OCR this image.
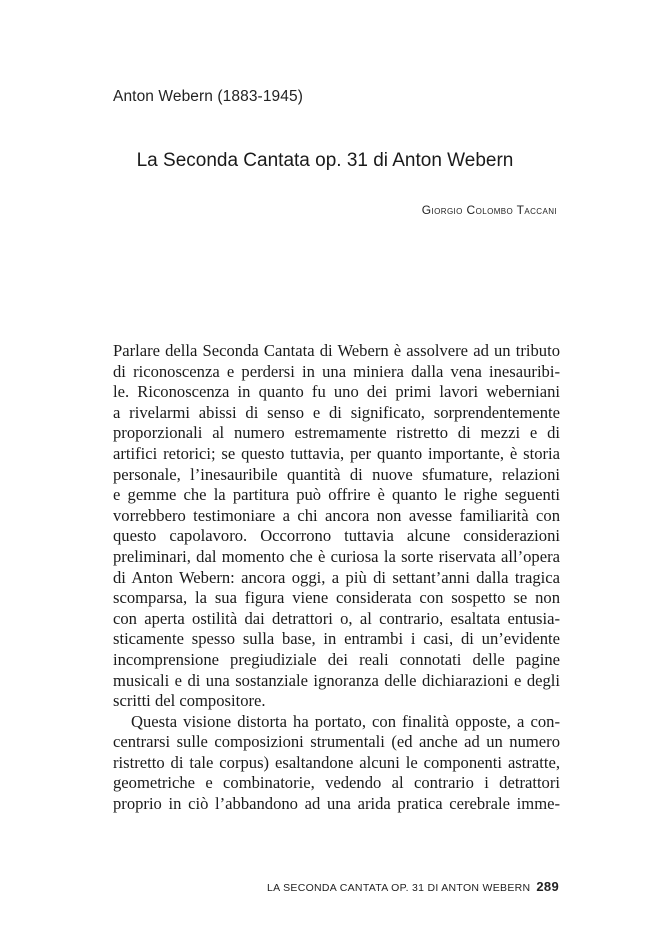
Anton Webern (1883-1945)
La Seconda Cantata op. 31 di Anton Webern
Giorgio Colombo Taccani
Parlare della Seconda Cantata di Webern è assolvere ad un tributo
di riconoscenza e perdersi in una miniera dalla vena inesauribi-
le. Riconoscenza in quanto fu uno dei primi lavori weberniani
a rivelarmi abissi di senso e di significato, sorprendentemente
proporzionali al numero estremamente ristretto di mezzi e di
artifici retorici; se questo tuttavia, per quanto importante, è storia
personale, l’inesauribile quantità di nuove sfumature, relazioni
e gemme che la partitura può offrire è quanto le righe seguenti
vorrebbero testimoniare a chi ancora non avesse familiarità con
questo capolavoro. Occorrono tuttavia alcune considerazioni
preliminari, dal momento che è curiosa la sorte riservata all’opera
di Anton Webern: ancora oggi, a più di settant’anni dalla tragica
scomparsa, la sua figura viene considerata con sospetto se non
con aperta ostilità dai detrattori o, al contrario, esaltata entusia-
sticamente spesso sulla base, in entrambi i casi, di un’evidente
incomprensione pregiudiziale dei reali connotati delle pagine
musicali e di una sostanziale ignoranza delle dichiarazioni e degli
scritti del compositore.
Questa visione distorta ha portato, con finalità opposte, a con-
centrarsi sulle composizioni strumentali (ed anche ad un numero
ristretto di tale corpus) esaltandone alcuni le componenti astratte,
geometriche e combinatorie, vedendo al contrario i detrattori
proprio in ciò l’abbandono ad una arida pratica cerebrale imme-
LA SECONDA CANTATA OP. 31 DI ANTON WEBERN 289
